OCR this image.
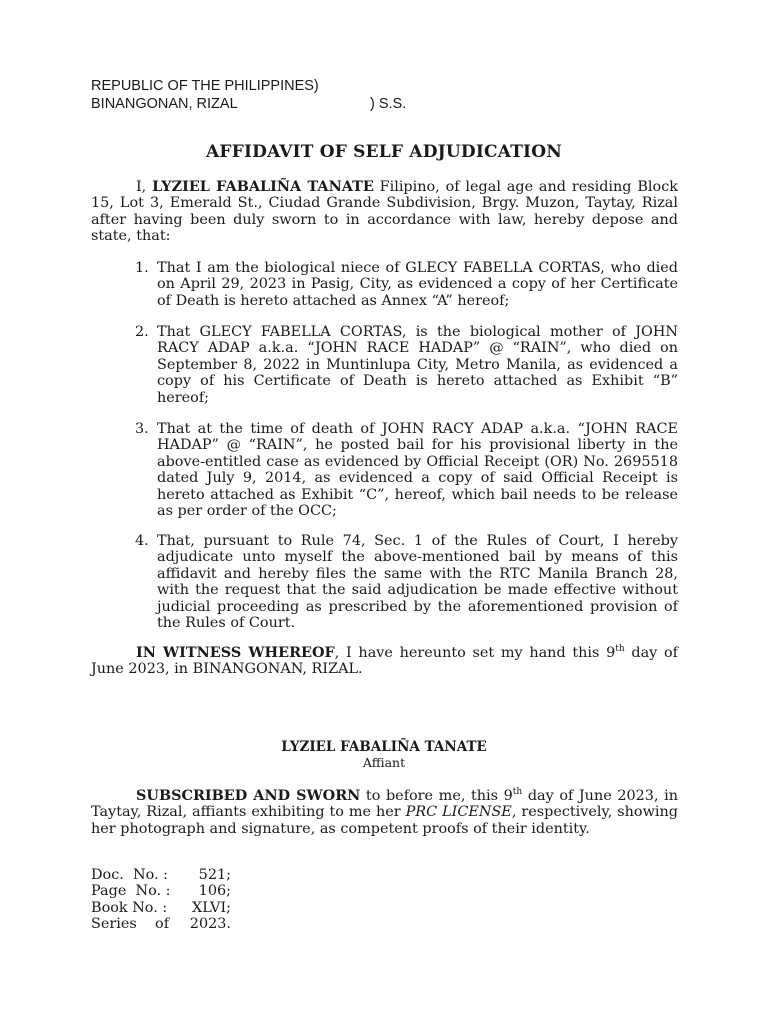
REPUBLIC OF THE PHILIPPINES)
BINANGONAN, RIZAL	) S.S.
AFFIDAVIT OF SELF ADJUDICATION
I, LYZIEL FABALIÑA TANATE Filipino, of legal age and residing Block 15, Lot 3, Emerald St., Ciudad Grande Subdivision, Brgy. Muzon, Taytay, Rizal after having been duly sworn to in accordance with law, hereby depose and state, that:
1. That I am the biological niece of GLECY FABELLA CORTAS, who died on April 29, 2023 in Pasig, City, as evidenced a copy of her Certificate of Death is hereto attached as Annex “A” hereof;
2. That GLECY FABELLA CORTAS, is the biological mother of JOHN RACY ADAP a.k.a. “JOHN RACE HADAP” @ “RAIN”, who died on September 8, 2022 in Muntinlupa City, Metro Manila, as evidenced a copy of his Certificate of Death is hereto attached as Exhibit “B” hereof;
3. That at the time of death of JOHN RACY ADAP a.k.a. “JOHN RACE HADAP” @ “RAIN”, he posted bail for his provisional liberty in the above-entitled case as evidenced by Official Receipt (OR) No. 2695518 dated July 9, 2014, as evidenced a copy of said Official Receipt is hereto attached as Exhibit “C”, hereof, which bail needs to be release as per order of the OCC;
4. That, pursuant to Rule 74, Sec. 1 of the Rules of Court, I hereby adjudicate unto myself the above-mentioned bail by means of this affidavit and hereby files the same with the RTC Manila Branch 28, with the request that the said adjudication be made effective without judicial proceeding as prescribed by the aforementioned provision of the Rules of Court.
IN WITNESS WHEREOF, I have hereunto set my hand this 9th day of June 2023, in BINANGONAN, RIZAL.
LYZIEL FABALIÑA TANATE
Affiant
SUBSCRIBED AND SWORN to before me, this 9th day of June 2023, in Taytay, Rizal, affiants exhibiting to me her PRC LICENSE, respectively, showing her photograph and signature, as competent proofs of their identity.
Doc.  No. : 521;
Page  No. : 106;
Book No. : XLVI;
Series    of 2023.
